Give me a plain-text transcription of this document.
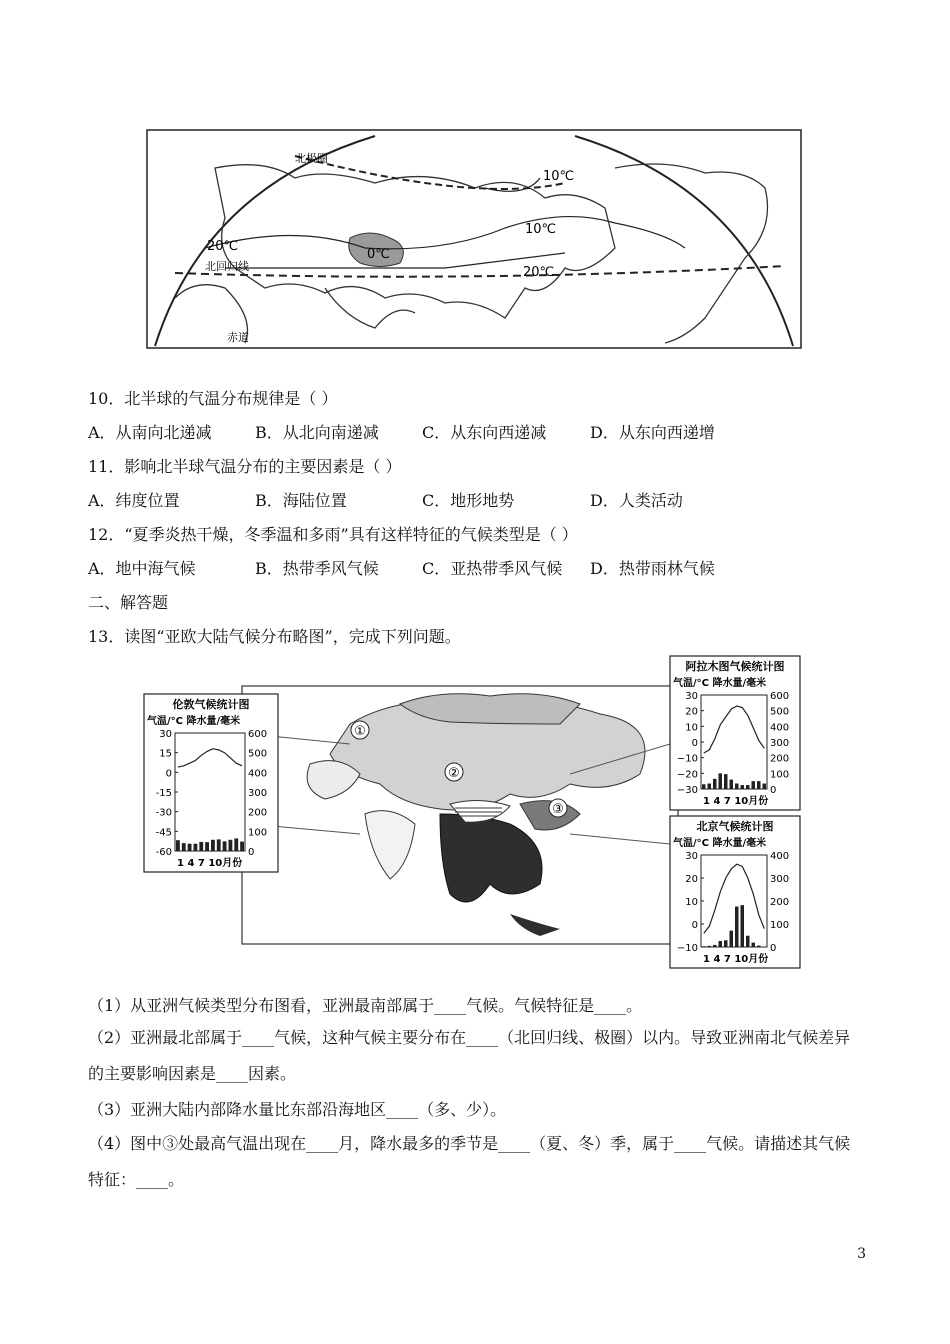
北极圈
10℃
10℃
0℃
20℃
20℃
北回归线
赤道
10．北半球的气温分布规律是（ ）
A．从南向北递减	B．从北向南递减	C．从东向西递减	D．从东向西递增
11．影响北半球气温分布的主要因素是（ ）
A．纬度位置	B．海陆位置	C．地形地势	D．人类活动
12．“夏季炎热干燥，冬季温和多雨”具有这样特征的气候类型是（ ）
A．地中海气候	B．热带季风气候	C．亚热带季风气候 D．热带雨林气候
二、解答题
13．读图“亚欧大陆气候分布略图”，完成下列问题。
①
②
③
伦敦气候统计图
气温/°C 降水量/毫米
30
15
0
-15
-30
-45
-60
600
500
400
300
200
100
0
1 4 7 10月份
阿拉木图气候统计图
气温/°C 降水量/毫米
30
20
10
0
−10
−20
−30
600
500
400
300
200
100
0
1 4 7 10月份
北京气候统计图
气温/°C 降水量/毫米
30
20
10
0
−10
400
300
200
100
0
1 4 7 10月份
（1）从亚洲气候类型分布图看，亚洲最南部属于____气候。气候特征是____。
（2）亚洲最北部属于____气候，这种气候主要分布在____（北回归线、极圈）以内。导致亚洲南北气候差异的主要影响因素是____因素。
（3）亚洲大陆内部降水量比东部沿海地区____（多、少）。
（4）图中③处最高气温出现在____月，降水最多的季节是____（夏、冬）季，属于____气候。请描述其气候特征：____。
3
